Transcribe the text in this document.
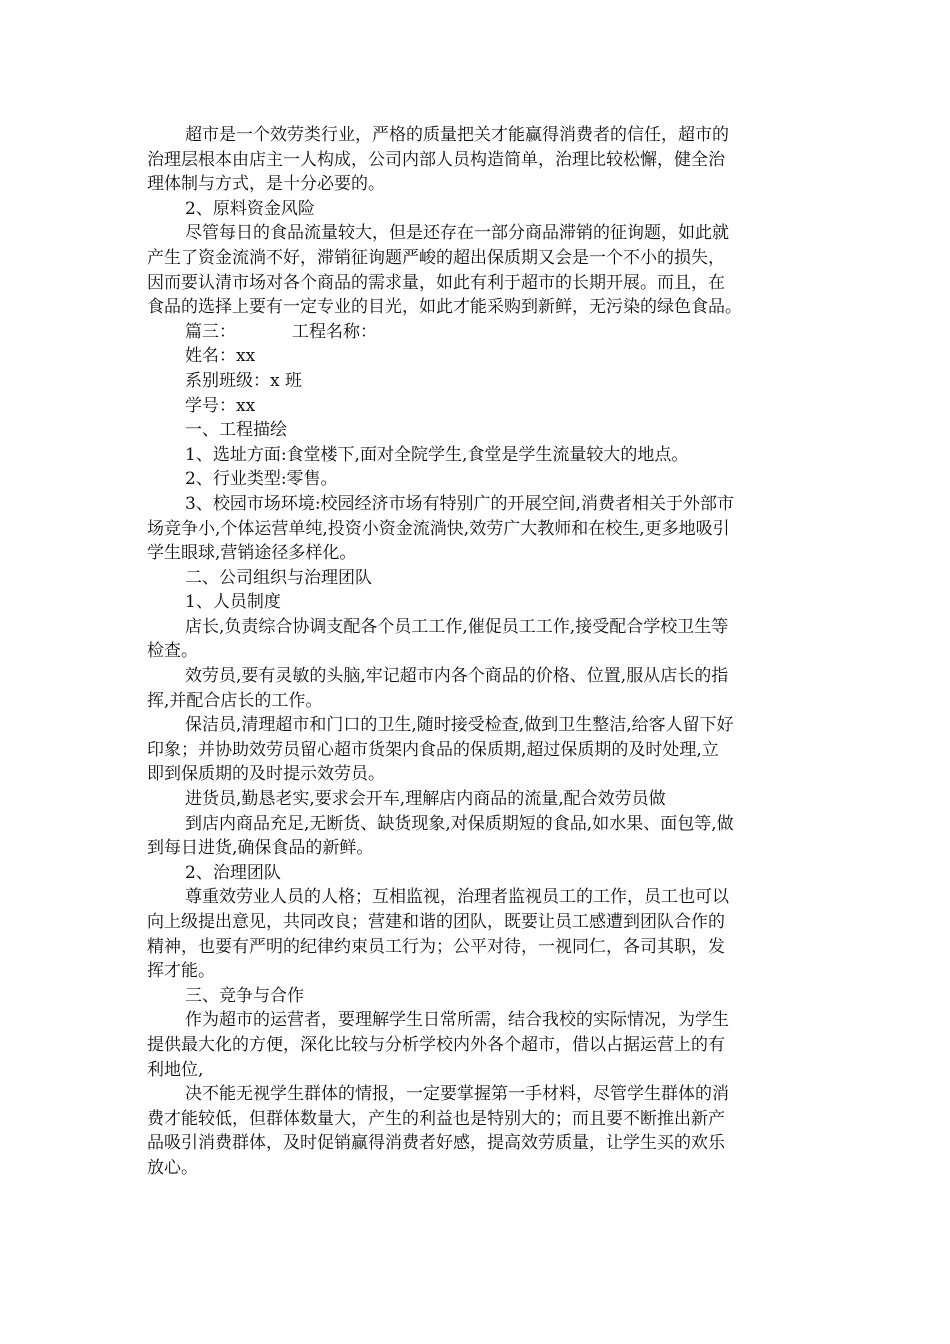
超市是一个效劳类行业，严格的质量把关才能赢得消费者的信任，超市的

治理层根本由店主一人构成，公司内部人员构造简单，治理比较松懈，健全治

理体制与方式，是十分必要的。

2、原料资金风险

尽管每日的食品流量较大，但是还存在一部分商品滞销的征询题，如此就

产生了资金流淌不好，滞销征询题严峻的超出保质期又会是一个不小的损失，

因而要认清市场对各个商品的需求量，如此有利于超市的长期开展。而且，在

食品的选择上要有一定专业的目光，如此才能采购到新鲜，无污染的绿色食品。

篇三：	工程名称：

姓名：xx

系别班级：x 班

学号：xx

一、工程描绘

1、选址方面:食堂楼下,面对全院学生,食堂是学生流量较大的地点。

2、行业类型:零售。

3、校园市场环境:校园经济市场有特别广的开展空间,消费者相关于外部市

场竞争小,个体运营单纯,投资小资金流淌快,效劳广大教师和在校生,更多地吸引

学生眼球,营销途径多样化。

二、公司组织与治理团队

1、人员制度

店长,负责综合协调支配各个员工工作,催促员工工作,接受配合学校卫生等

检查。

效劳员,要有灵敏的头脑,牢记超市内各个商品的价格、位置,服从店长的指

挥,并配合店长的工作。

保洁员,清理超市和门口的卫生,随时接受检查,做到卫生整洁,给客人留下好

印象；并协助效劳员留心超市货架内食品的保质期,超过保质期的及时处理,立

即到保质期的及时提示效劳员。

进货员,勤恳老实,要求会开车,理解店内商品的流量,配合效劳员做

到店内商品充足,无断货、缺货现象,对保质期短的食品,如水果、面包等,做

到每日进货,确保食品的新鲜。

2、治理团队

尊重效劳业人员的人格；互相监视，治理者监视员工的工作，员工也可以

向上级提出意见，共同改良；营建和谐的团队，既要让员工感遭到团队合作的

精神，也要有严明的纪律约束员工行为；公平对待，一视同仁，各司其职，发

挥才能。

三、竞争与合作

作为超市的运营者，要理解学生日常所需，结合我校的实际情况，为学生

提供最大化的方便，深化比较与分析学校内外各个超市，借以占据运营上的有

利地位,

决不能无视学生群体的情报，一定要掌握第一手材料，尽管学生群体的消

费才能较低，但群体数量大，产生的利益也是特别大的；而且要不断推出新产

品吸引消费群体，及时促销赢得消费者好感，提高效劳质量，让学生买的欢乐

放心。
